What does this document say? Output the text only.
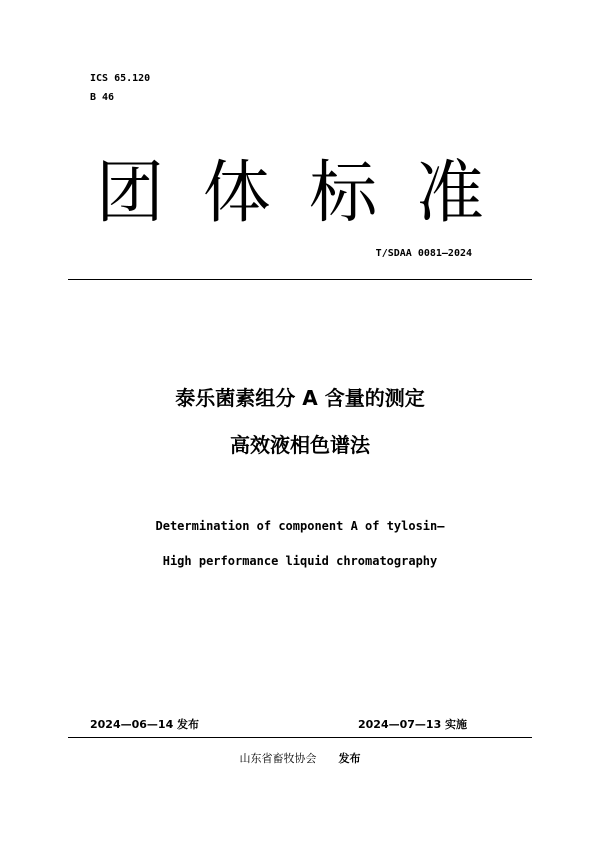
ICS 65.120
B 46
团 体 标 准
T/SDAA 0081—2024
泰乐菌素组分 A 含量的测定
高效液相色谱法
Determination of component A of tylosin—
High performance liquid chromatography
2024—06—14 发布	2024—07—13 实施
山东省畜牧协会 发布
